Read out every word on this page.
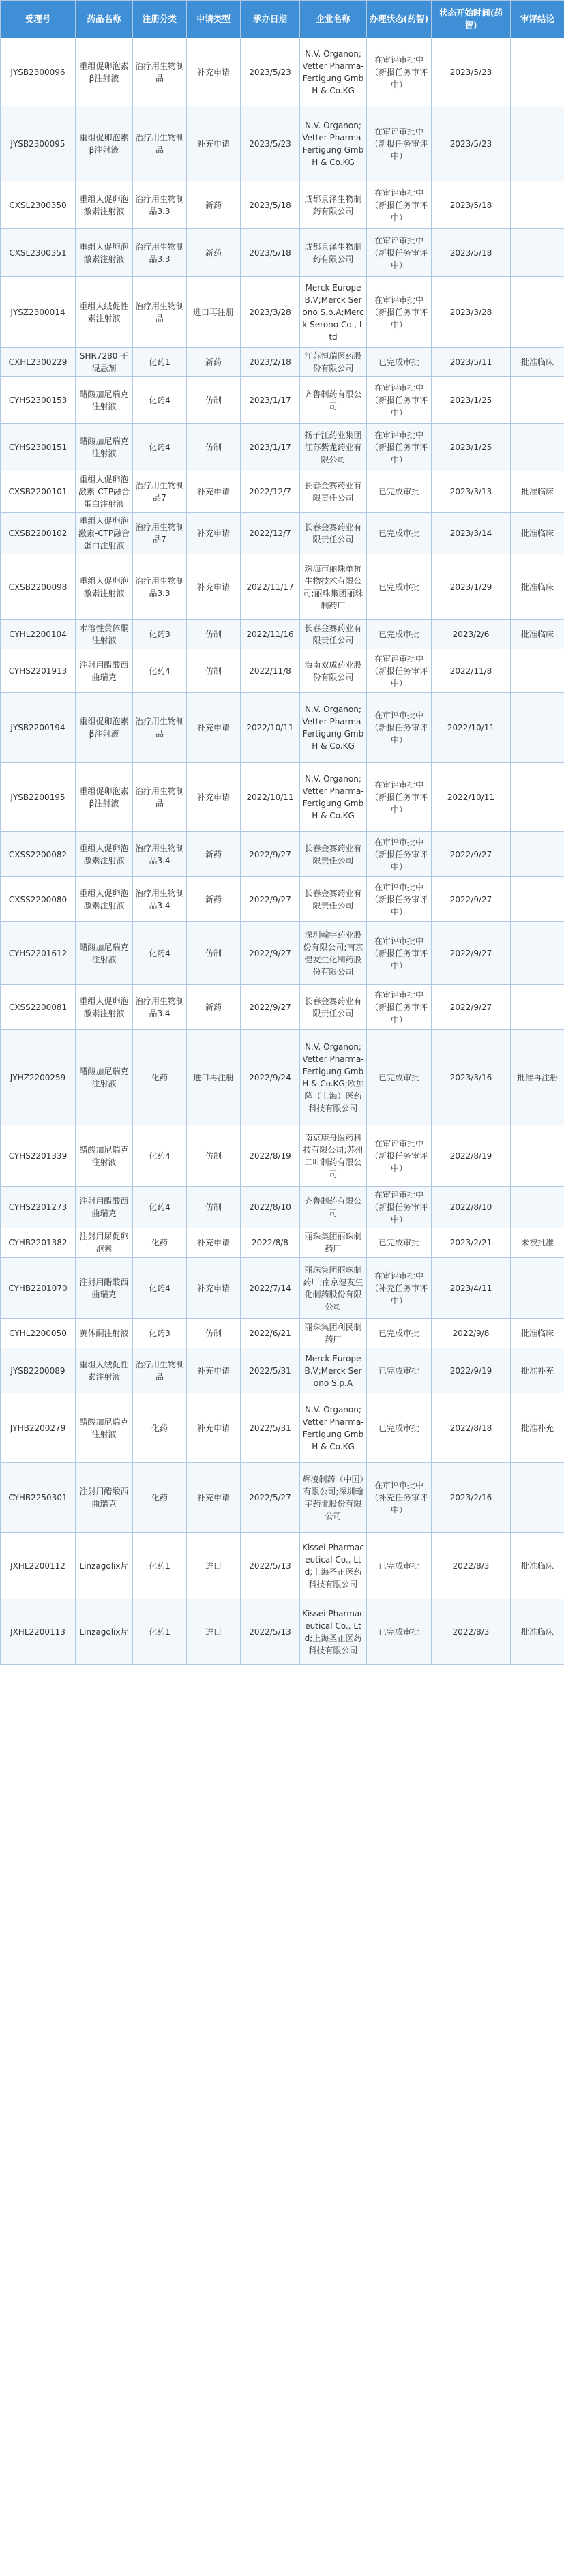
受理号	药品名称	注册分类	申请类型	承办日期	企业名称	办理状态(药智)	状态开始时间(药智)	审评结论
JYSB2300096	重组促卵泡素β注射液	治疗用生物制品	补充申请	2023/5/23	N.V. Organon;Vetter Pharma-Fertigung GmbH & Co.KG	在审评审批中（新报任务审评中）	2023/5/23	
JYSB2300095	重组促卵泡素β注射液	治疗用生物制品	补充申请	2023/5/23	N.V. Organon;Vetter Pharma-Fertigung GmbH & Co.KG	在审评审批中（新报任务审评中）	2023/5/23	
CXSL2300350	重组人促卵泡激素注射液	治疗用生物制品3.3	新药	2023/5/18	成都景泽生物制药有限公司	在审评审批中（新报任务审评中）	2023/5/18	
CXSL2300351	重组人促卵泡激素注射液	治疗用生物制品3.3	新药	2023/5/18	成都景泽生物制药有限公司	在审评审批中（新报任务审评中）	2023/5/18	
JYSZ2300014	重组人绒促性素注射液	治疗用生物制品	进口再注册	2023/3/28	Merck Europe B.V;Merck Serono S.p.A;Merck Serono Co., Ltd	在审评审批中（新报任务审评中）	2023/3/28	
CXHL2300229	SHR7280 干混悬剂	化药1	新药	2023/2/18	江苏恒瑞医药股份有限公司	已完成审批	2023/5/11	批准临床
CYHS2300153	醋酸加尼瑞克注射液	化药4	仿制	2023/1/17	齐鲁制药有限公司	在审评审批中（新报任务审评中）	2023/1/25	
CYHS2300151	醋酸加尼瑞克注射液	化药4	仿制	2023/1/17	扬子江药业集团江苏紫龙药业有限公司	在审评审批中（新报任务审评中）	2023/1/25	
CXSB2200101	重组人促卵泡激素-CTP融合蛋白注射液	治疗用生物制品7	补充申请	2022/12/7	长春金赛药业有限责任公司	已完成审批	2023/3/13	批准临床
CXSB2200102	重组人促卵泡激素-CTP融合蛋白注射液	治疗用生物制品7	补充申请	2022/12/7	长春金赛药业有限责任公司	已完成审批	2023/3/14	批准临床
CXSB2200098	重组人促卵泡激素注射液	治疗用生物制品3.3	补充申请	2022/11/17	珠海市丽珠单抗生物技术有限公司;丽珠集团丽珠制药厂	已完成审批	2023/1/29	批准临床
CYHL2200104	水溶性黄体酮注射液	化药3	仿制	2022/11/16	长春金赛药业有限责任公司	已完成审批	2023/2/6	批准临床
CYHS2201913	注射用醋酸西曲瑞克	化药4	仿制	2022/11/8	海南双成药业股份有限公司	在审评审批中（新报任务审评中）	2022/11/8	
JYSB2200194	重组促卵泡素β注射液	治疗用生物制品	补充申请	2022/10/11	N.V. Organon;Vetter Pharma-Fertigung GmbH & Co.KG	在审评审批中（新报任务审评中）	2022/10/11	
JYSB2200195	重组促卵泡素β注射液	治疗用生物制品	补充申请	2022/10/11	N.V. Organon;Vetter Pharma-Fertigung GmbH & Co.KG	在审评审批中（新报任务审评中）	2022/10/11	
CXSS2200082	重组人促卵泡激素注射液	治疗用生物制品3.4	新药	2022/9/27	长春金赛药业有限责任公司	在审评审批中（新报任务审评中）	2022/9/27	
CXSS2200080	重组人促卵泡激素注射液	治疗用生物制品3.4	新药	2022/9/27	长春金赛药业有限责任公司	在审评审批中（新报任务审评中）	2022/9/27	
CYHS2201612	醋酸加尼瑞克注射液	化药4	仿制	2022/9/27	深圳翰宇药业股份有限公司;南京健友生化制药股份有限公司	在审评审批中（新报任务审评中）	2022/9/27	
CXSS2200081	重组人促卵泡激素注射液	治疗用生物制品3.4	新药	2022/9/27	长春金赛药业有限责任公司	在审评审批中（新报任务审评中）	2022/9/27	
JYHZ2200259	醋酸加尼瑞克注射液	化药	进口再注册	2022/9/24	N.V. Organon;Vetter Pharma-Fertigung GmbH & Co.KG;欧加隆（上海）医药科技有限公司	已完成审批	2023/3/16	批准再注册
CYHS2201339	醋酸加尼瑞克注射液	化药4	仿制	2022/8/19	南京康舟医药科技有限公司;苏州二叶制药有限公司	在审评审批中（新报任务审评中）	2022/8/19	
CYHS2201273	注射用醋酸西曲瑞克	化药4	仿制	2022/8/10	齐鲁制药有限公司	在审评审批中（新报任务审评中）	2022/8/10	
CYHB2201382	注射用尿促卵泡素	化药	补充申请	2022/8/8	丽珠集团丽珠制药厂	已完成审批	2023/2/21	未被批准
CYHB2201070	注射用醋酸西曲瑞克	化药4	补充申请	2022/7/14	丽珠集团丽珠制药厂;南京健友生化制药股份有限公司	在审评审批中（补充任务审评中）	2023/4/11	
CYHL2200050	黄体酮注射液	化药3	仿制	2022/6/21	丽珠集团利民制药厂	已完成审批	2022/9/8	批准临床
JYSB2200089	重组人绒促性素注射液	治疗用生物制品	补充申请	2022/5/31	Merck Europe B.V;Merck Serono S.p.A	已完成审批	2022/9/19	批准补充
JYHB2200279	醋酸加尼瑞克注射液	化药	补充申请	2022/5/31	N.V. Organon;Vetter Pharma-Fertigung GmbH & Co.KG	已完成审批	2022/8/18	批准补充
CYHB2250301	注射用醋酸西曲瑞克	化药	补充申请	2022/5/27	辉凌制药（中国）有限公司;深圳翰宇药业股份有限公司	在审评审批中（补充任务审评中）	2023/2/16	
JXHL2200112	Linzagolix片	化药1	进口	2022/5/13	Kissei Pharmaceutical Co., Ltd;上海圣正医药科技有限公司	已完成审批	2022/8/3	批准临床
JXHL2200113	Linzagolix片	化药1	进口	2022/5/13	Kissei Pharmaceutical Co., Ltd;上海圣正医药科技有限公司	已完成审批	2022/8/3	批准临床
